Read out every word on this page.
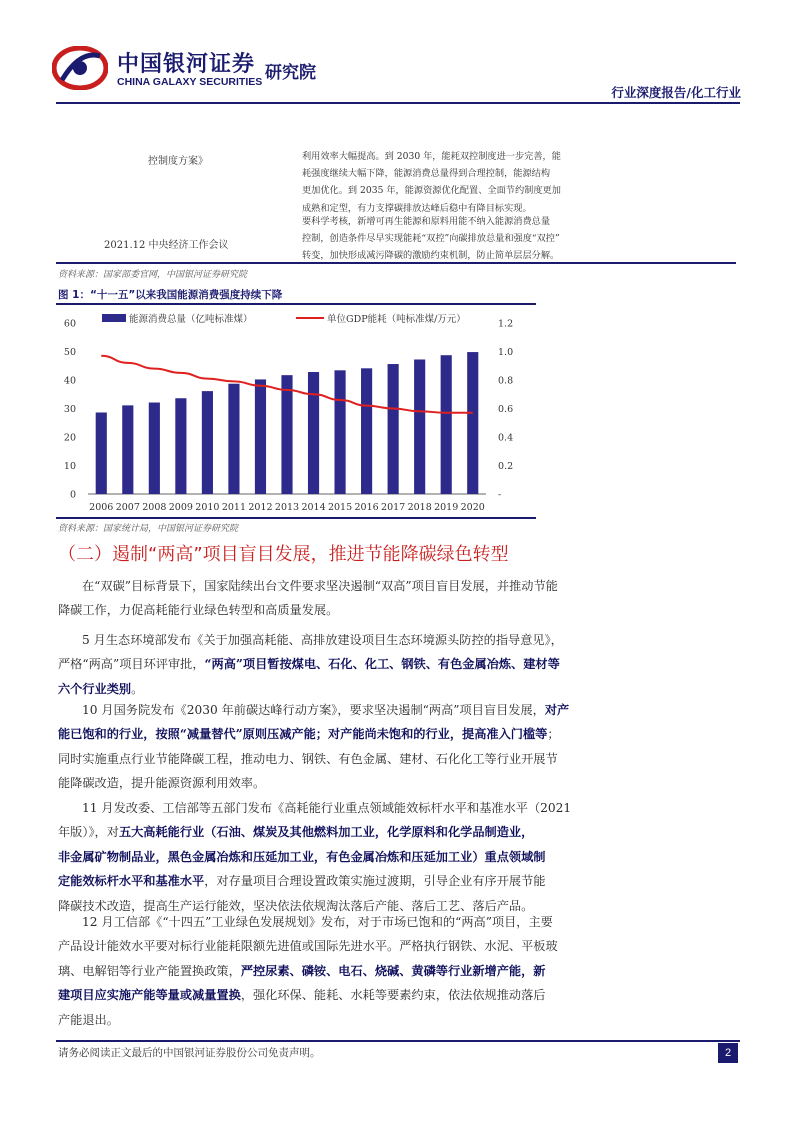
中国银河证券
CHINA GALAXY SECURITIES 研究院
行业深度报告/化工行业
控制度方案》	利用效率大幅提高。到 2030 年，能耗双控制度进一步完善，能
耗强度继续大幅下降，能源消费总量得到合理控制，能源结构
更加优化。到 2035 年，能源资源优化配置、全面节约制度更加
成熟和定型，有力支撑碳排放达峰后稳中有降目标实现。
2021.12 中央经济工作会议
要科学考核，新增可再生能源和原料用能不纳入能源消费总量
控制，创造条件尽早实现能耗“双控”向碳排放总量和强度“双控”
转变，加快形成减污降碳的激励约束机制，防止简单层层分解。
资料来源：国家部委官网，中国银河证券研究院
图 1：“十一五”以来我国能源消费强度持续下降
0
10
20
30
40
50
60
-
0.2
0.4
0.6
0.8
1.0
1.2
2006 2007 2008 2009 2010 2011 2012 2013 2014 2015 2016 2017 2018 2019 2020
能源消费总量（亿吨标准煤）	单位GDP能耗（吨标准煤/万元）
资料来源：国家统计局，中国银河证券研究院
（二）遏制“两高”项目盲目发展，推进节能降碳绿色转型
在“双碳”目标背景下，国家陆续出台文件要求坚决遏制“双高”项目盲目发展，并推动节能
降碳工作，力促高耗能行业绿色转型和高质量发展。
5 月生态环境部发布《关于加强高耗能、高排放建设项目生态环境源头防控的指导意见》，
严格“两高”项目环评审批，“两高”项目暂按煤电、石化、化工、钢铁、有色金属冶炼、建材等
六个行业类别。
10 月国务院发布《2030 年前碳达峰行动方案》，要求坚决遏制“两高”项目盲目发展，对产
能已饱和的行业，按照“减量替代”原则压减产能；对产能尚未饱和的行业，提高准入门槛等；
同时实施重点行业节能降碳工程，推动电力、钢铁、有色金属、建材、石化化工等行业开展节
能降碳改造，提升能源资源利用效率。
11 月发改委、工信部等五部门发布《高耗能行业重点领域能效标杆水平和基准水平（2021
年版）》，对五大高耗能行业（石油、煤炭及其他燃料加工业，化学原料和化学品制造业，
非金属矿物制品业，黑色金属冶炼和压延加工业，有色金属冶炼和压延加工业）重点领域制
定能效标杆水平和基准水平，对存量项目合理设置政策实施过渡期，引导企业有序开展节能
降碳技术改造，提高生产运行能效，坚决依法依规淘汰落后产能、落后工艺、落后产品。
12 月工信部《“十四五”工业绿色发展规划》发布，对于市场已饱和的“两高”项目，主要
产品设计能效水平要对标行业能耗限额先进值或国际先进水平。严格执行钢铁、水泥、平板玻
璃、电解铝等行业产能置换政策，严控尿素、磷铵、电石、烧碱、黄磷等行业新增产能，新
建项目应实施产能等量或减量置换，强化环保、能耗、水耗等要素约束，依法依规推动落后
产能退出。
请务必阅读正文最后的中国银河证券股份公司免责声明。	2
